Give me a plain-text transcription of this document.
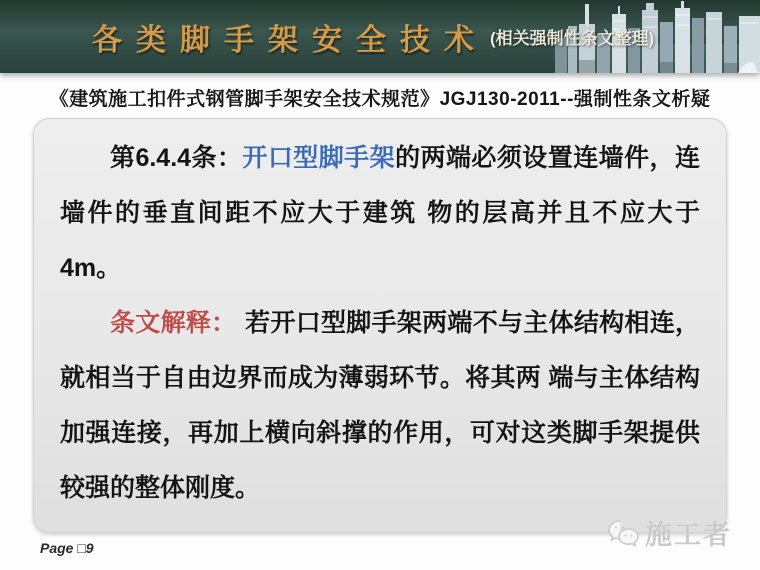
各类脚手架安全技术 (相关强制性条文整理)
《建筑施工扣件式钢管脚手架安全技术规范》JGJ130-2011--强制性条文析疑

第6.4.4条：开口型脚手架的两端必须设置连墙件，连墙件的垂直间距不应大于建筑 物的层高并且不应大于4m。

条文解释： 若开口型脚手架两端不与主体结构相连，就相当于自由边界而成为薄弱环节。将其两 端与主体结构加强连接，再加上横向斜撑的作用，可对这类脚手架提供较强的整体刚度。

Page □9	施工者
